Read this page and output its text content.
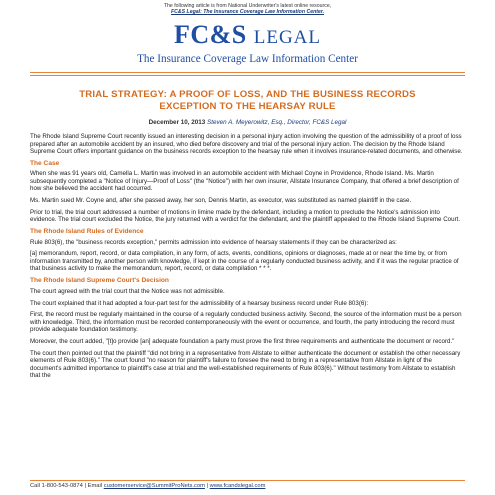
The following article is from National Underwriter's latest online resource,
FC&S Legal: The Insurance Coverage Law Information Center.
FC&S LEGAL
The Insurance Coverage Law Information Center
TRIAL STRATEGY: A PROOF OF LOSS, AND THE BUSINESS RECORDS EXCEPTION TO THE HEARSAY RULE
December 10, 2013 Steven A. Meyerowitz, Esq., Director, FC&S Legal

The Rhode Island Supreme Court recently issued an interesting decision in a personal injury action involving the question of the admissibility of a proof of loss prepared after an automobile accident by an insured, who died before discovery and trial of the personal injury action. The decision by the Rhode Island Supreme Court offers important guidance on the business records exception to the hearsay rule when it involves insurance-related documents, and otherwise.

The Case

When she was 91 years old, Camella L. Martin was involved in an automobile accident with Michael Coyne in Providence, Rhode Island. Ms. Martin subsequently completed a "Notice of Injury—Proof of Loss" (the "Notice") with her own insurer, Allstate Insurance Company, that offered a brief description of how she believed the accident had occurred.

Ms. Martin sued Mr. Coyne and, after she passed away, her son, Dennis Martin, as executor, was substituted as named plaintiff in the case.

Prior to trial, the trial court addressed a number of motions in limine made by the defendant, including a motion to preclude the Notice's admission into evidence. The trial court excluded the Notice, the jury returned with a verdict for the defendant, and the plaintiff appealed to the Rhode Island Supreme Court.

The Rhode Island Rules of Evidence

Rule 803(6), the "business records exception," permits admission into evidence of hearsay statements if they can be characterized as:

[a] memorandum, report, record, or data compilation, in any form, of acts, events, conditions, opinions or diagnoses, made at or near the time by, or from information transmitted by, another person with knowledge, if kept in the course of a regularly conducted business activity, and if it was the regular practice of that business activity to make the memorandum, report, record, or data compilation * * *.

The Rhode Island Supreme Court's Decision

The court agreed with the trial court that the Notice was not admissible.

The court explained that it had adopted a four-part test for the admissibility of a hearsay business record under Rule 803(6):

First, the record must be regularly maintained in the course of a regularly conducted business activity. Second, the source of the information must be a person with knowledge. Third, the information must be recorded contemporaneously with the event or occurrence, and fourth, the party introducing the record must provide adequate foundation testimony.

Moreover, the court added, "[t]o provide [an] adequate foundation a party must prove the first three requirements and authenticate the document or record."

The court then pointed out that the plaintiff "did not bring in a representative from Allstate to either authenticate the document or establish the other necessary elements of Rule 803(6)." The court found "no reason for plaintiff's failure to foresee the need to bring in a representative from Allstate in light of the document's admitted importance to plaintiff's case at trial and the well-established requirements of Rule 803(6)." Without testimony from Allstate to establish that the

Call 1-800-543-0874 | Email customerservice@SummitProNets.com | www.fcandslegal.com
